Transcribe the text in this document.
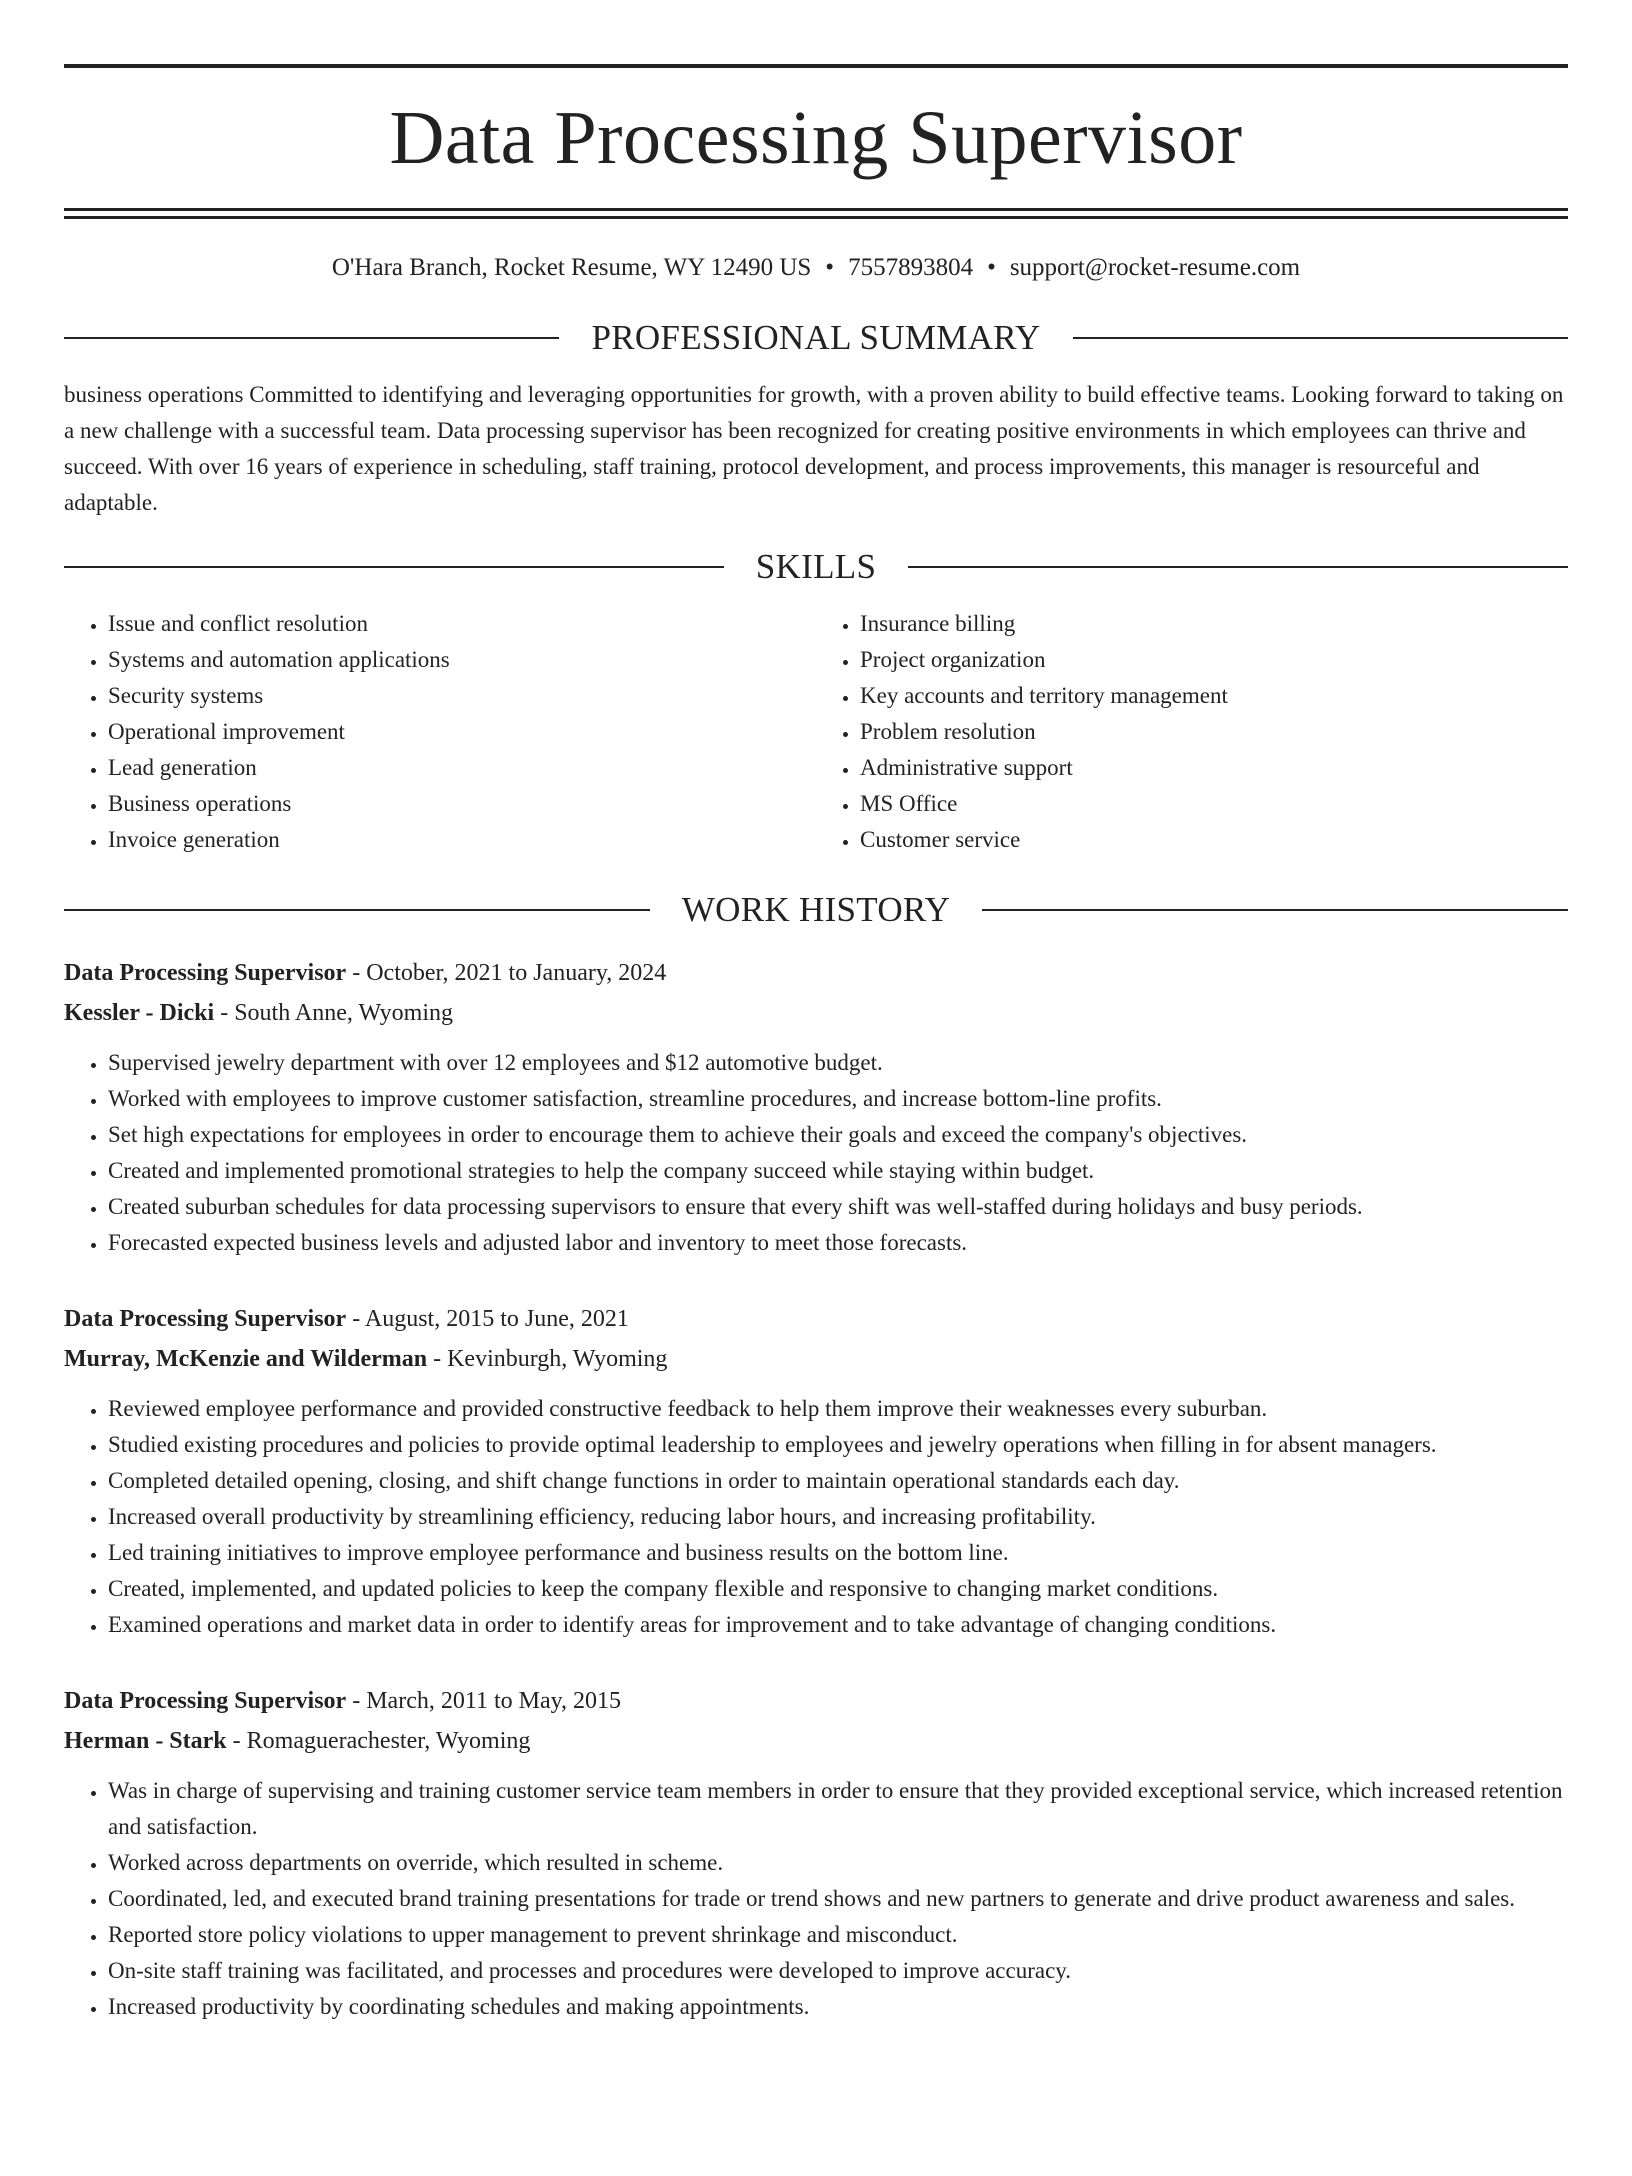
Data Processing Supervisor
O'Hara Branch, Rocket Resume, WY 12490 US • 7557893804 • support@rocket-resume.com
PROFESSIONAL SUMMARY

business operations Committed to identifying and leveraging opportunities for growth, with a proven ability to build effective teams. Looking forward to taking on a new challenge with a successful team. Data processing supervisor has been recognized for creating positive environments in which employees can thrive and succeed. With over 16 years of experience in scheduling, staff training, protocol development, and process improvements, this manager is resourceful and adaptable.

SKILLS
• Issue and conflict resolution
• Systems and automation applications
• Security systems
• Operational improvement
• Lead generation
• Business operations
• Invoice generation
• Insurance billing
• Project organization
• Key accounts and territory management
• Problem resolution
• Administrative support
• MS Office
• Customer service
WORK HISTORY
Data Processing Supervisor - October, 2021 to January, 2024
Kessler - Dicki - South Anne, Wyoming
• Supervised jewelry department with over 12 employees and $12 automotive budget.
• Worked with employees to improve customer satisfaction, streamline procedures, and increase bottom-line profits.
• Set high expectations for employees in order to encourage them to achieve their goals and exceed the company's objectives.
• Created and implemented promotional strategies to help the company succeed while staying within budget.
• Created suburban schedules for data processing supervisors to ensure that every shift was well-staffed during holidays and busy periods.
• Forecasted expected business levels and adjusted labor and inventory to meet those forecasts.
Data Processing Supervisor - August, 2015 to June, 2021
Murray, McKenzie and Wilderman - Kevinburgh, Wyoming
• Reviewed employee performance and provided constructive feedback to help them improve their weaknesses every suburban.
• Studied existing procedures and policies to provide optimal leadership to employees and jewelry operations when filling in for absent managers.
• Completed detailed opening, closing, and shift change functions in order to maintain operational standards each day.
• Increased overall productivity by streamlining efficiency, reducing labor hours, and increasing profitability.
• Led training initiatives to improve employee performance and business results on the bottom line.
• Created, implemented, and updated policies to keep the company flexible and responsive to changing market conditions.
• Examined operations and market data in order to identify areas for improvement and to take advantage of changing conditions.
Data Processing Supervisor - March, 2011 to May, 2015
Herman - Stark - Romaguerachester, Wyoming
• Was in charge of supervising and training customer service team members in order to ensure that they provided exceptional service, which increased retention and satisfaction.
• Worked across departments on override, which resulted in scheme.
• Coordinated, led, and executed brand training presentations for trade or trend shows and new partners to generate and drive product awareness and sales.
• Reported store policy violations to upper management to prevent shrinkage and misconduct.
• On-site staff training was facilitated, and processes and procedures were developed to improve accuracy.
• Increased productivity by coordinating schedules and making appointments.
